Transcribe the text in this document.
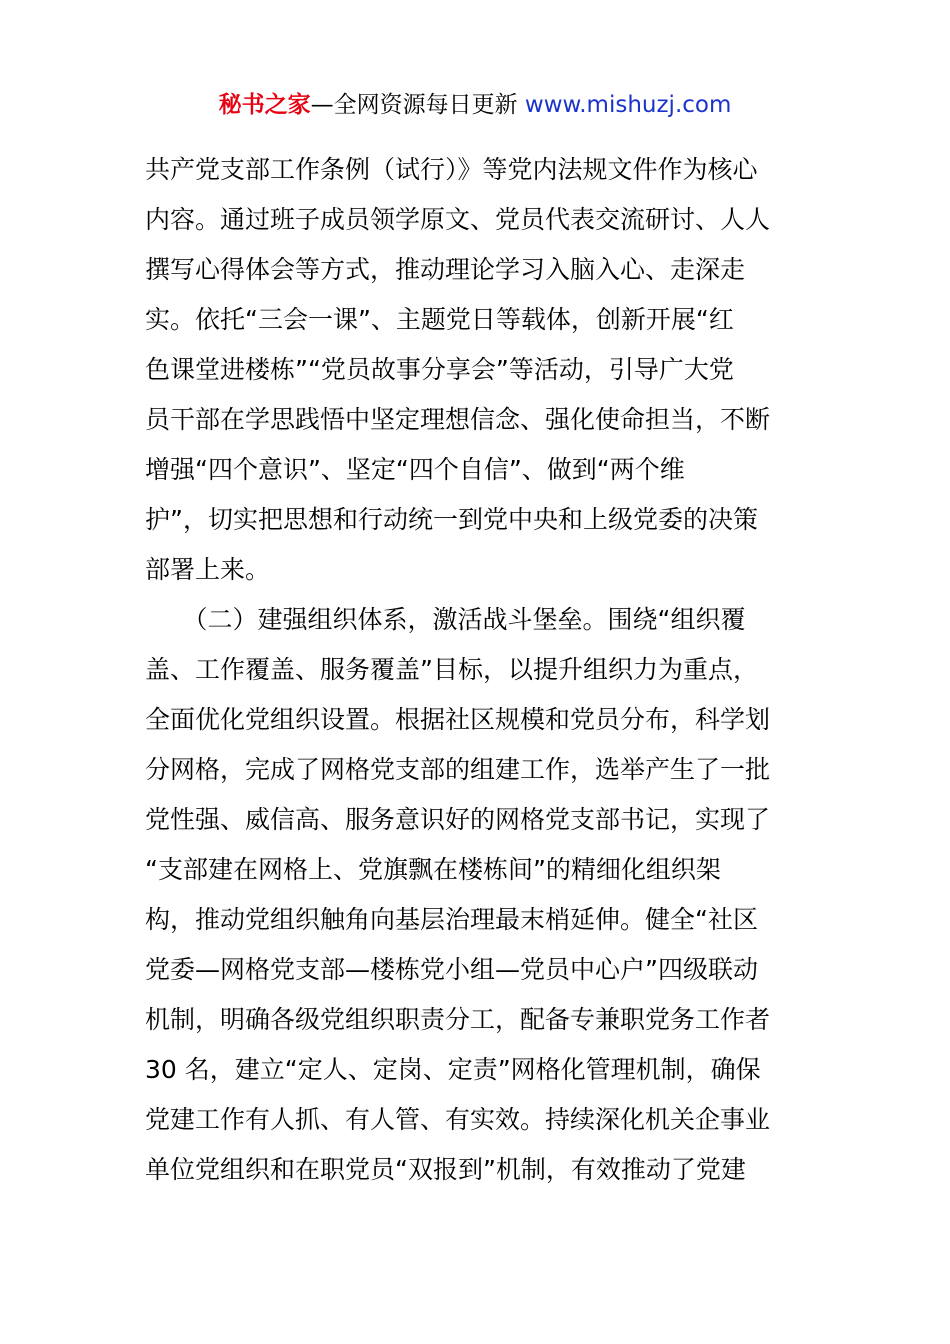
秘书之家—全网资源每日更新 www.mishuzj.com
共产党支部工作条例（试行）》等党内法规文件作为核心
内容。通过班子成员领学原文、党员代表交流研讨、人人
撰写心得体会等方式，推动理论学习入脑入心、走深走
实。依托“三会一课”、主题党日等载体，创新开展“红
色课堂进楼栋”“党员故事分享会”等活动，引导广大党
员干部在学思践悟中坚定理想信念、强化使命担当，不断
增强“四个意识”、坚定“四个自信”、做到“两个维
护”，切实把思想和行动统一到党中央和上级党委的决策
部署上来。
　　（二）建强组织体系，激活战斗堡垒。围绕“组织覆
盖、工作覆盖、服务覆盖”目标，以提升组织力为重点，
全面优化党组织设置。根据社区规模和党员分布，科学划
分网格，完成了网格党支部的组建工作，选举产生了一批
党性强、威信高、服务意识好的网格党支部书记，实现了
“支部建在网格上、党旗飘在楼栋间”的精细化组织架
构，推动党组织触角向基层治理最末梢延伸。健全“社区
党委—网格党支部—楼栋党小组—党员中心户”四级联动
机制，明确各级党组织职责分工，配备专兼职党务工作者
30 名，建立“定人、定岗、定责”网格化管理机制，确保
党建工作有人抓、有人管、有实效。持续深化机关企事业
单位党组织和在职党员“双报到”机制，有效推动了党建
